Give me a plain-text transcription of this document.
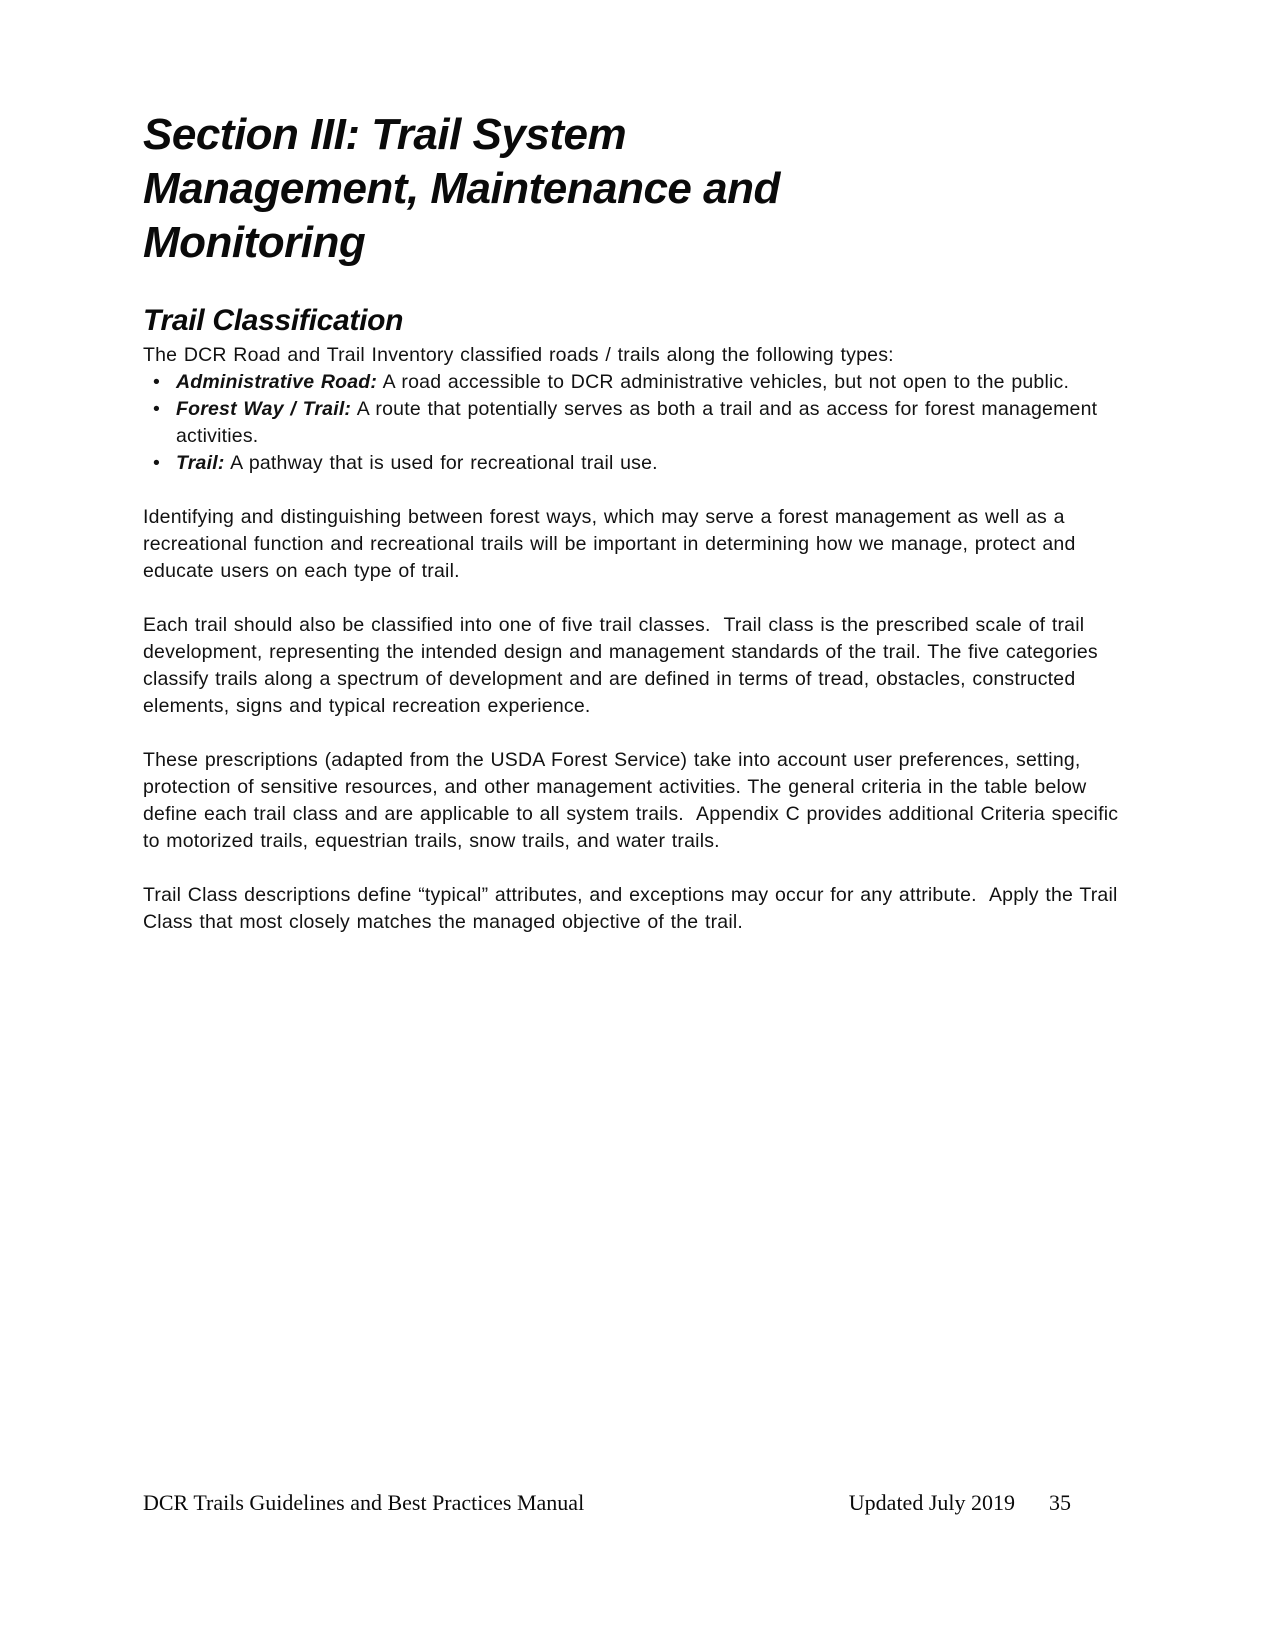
Section III: Trail System
Management, Maintenance and
Monitoring
Trail Classification

The DCR Road and Trail Inventory classified roads / trails along the following types:

• Administrative Road: A road accessible to DCR administrative vehicles, but not open to the public.
• Forest Way / Trail: A route that potentially serves as both a trail and as access for forest management activities.
• Trail: A pathway that is used for recreational trail use.

Identifying and distinguishing between forest ways, which may serve a forest management as well as a recreational function and recreational trails will be important in determining how we manage, protect and educate users on each type of trail.

Each trail should also be classified into one of five trail classes.  Trail class is the prescribed scale of trail development, representing the intended design and management standards of the trail. The five categories classify trails along a spectrum of development and are defined in terms of tread, obstacles, constructed elements, signs and typical recreation experience.

These prescriptions (adapted from the USDA Forest Service) take into account user preferences, setting, protection of sensitive resources, and other management activities. The general criteria in the table below define each trail class and are applicable to all system trails.  Appendix C provides additional Criteria specific to motorized trails, equestrian trails, snow trails, and water trails.

Trail Class descriptions define “typical” attributes, and exceptions may occur for any attribute.  Apply the Trail Class that most closely matches the managed objective of the trail.

DCR Trails Guidelines and Best Practices Manual	Updated July 2019 35
